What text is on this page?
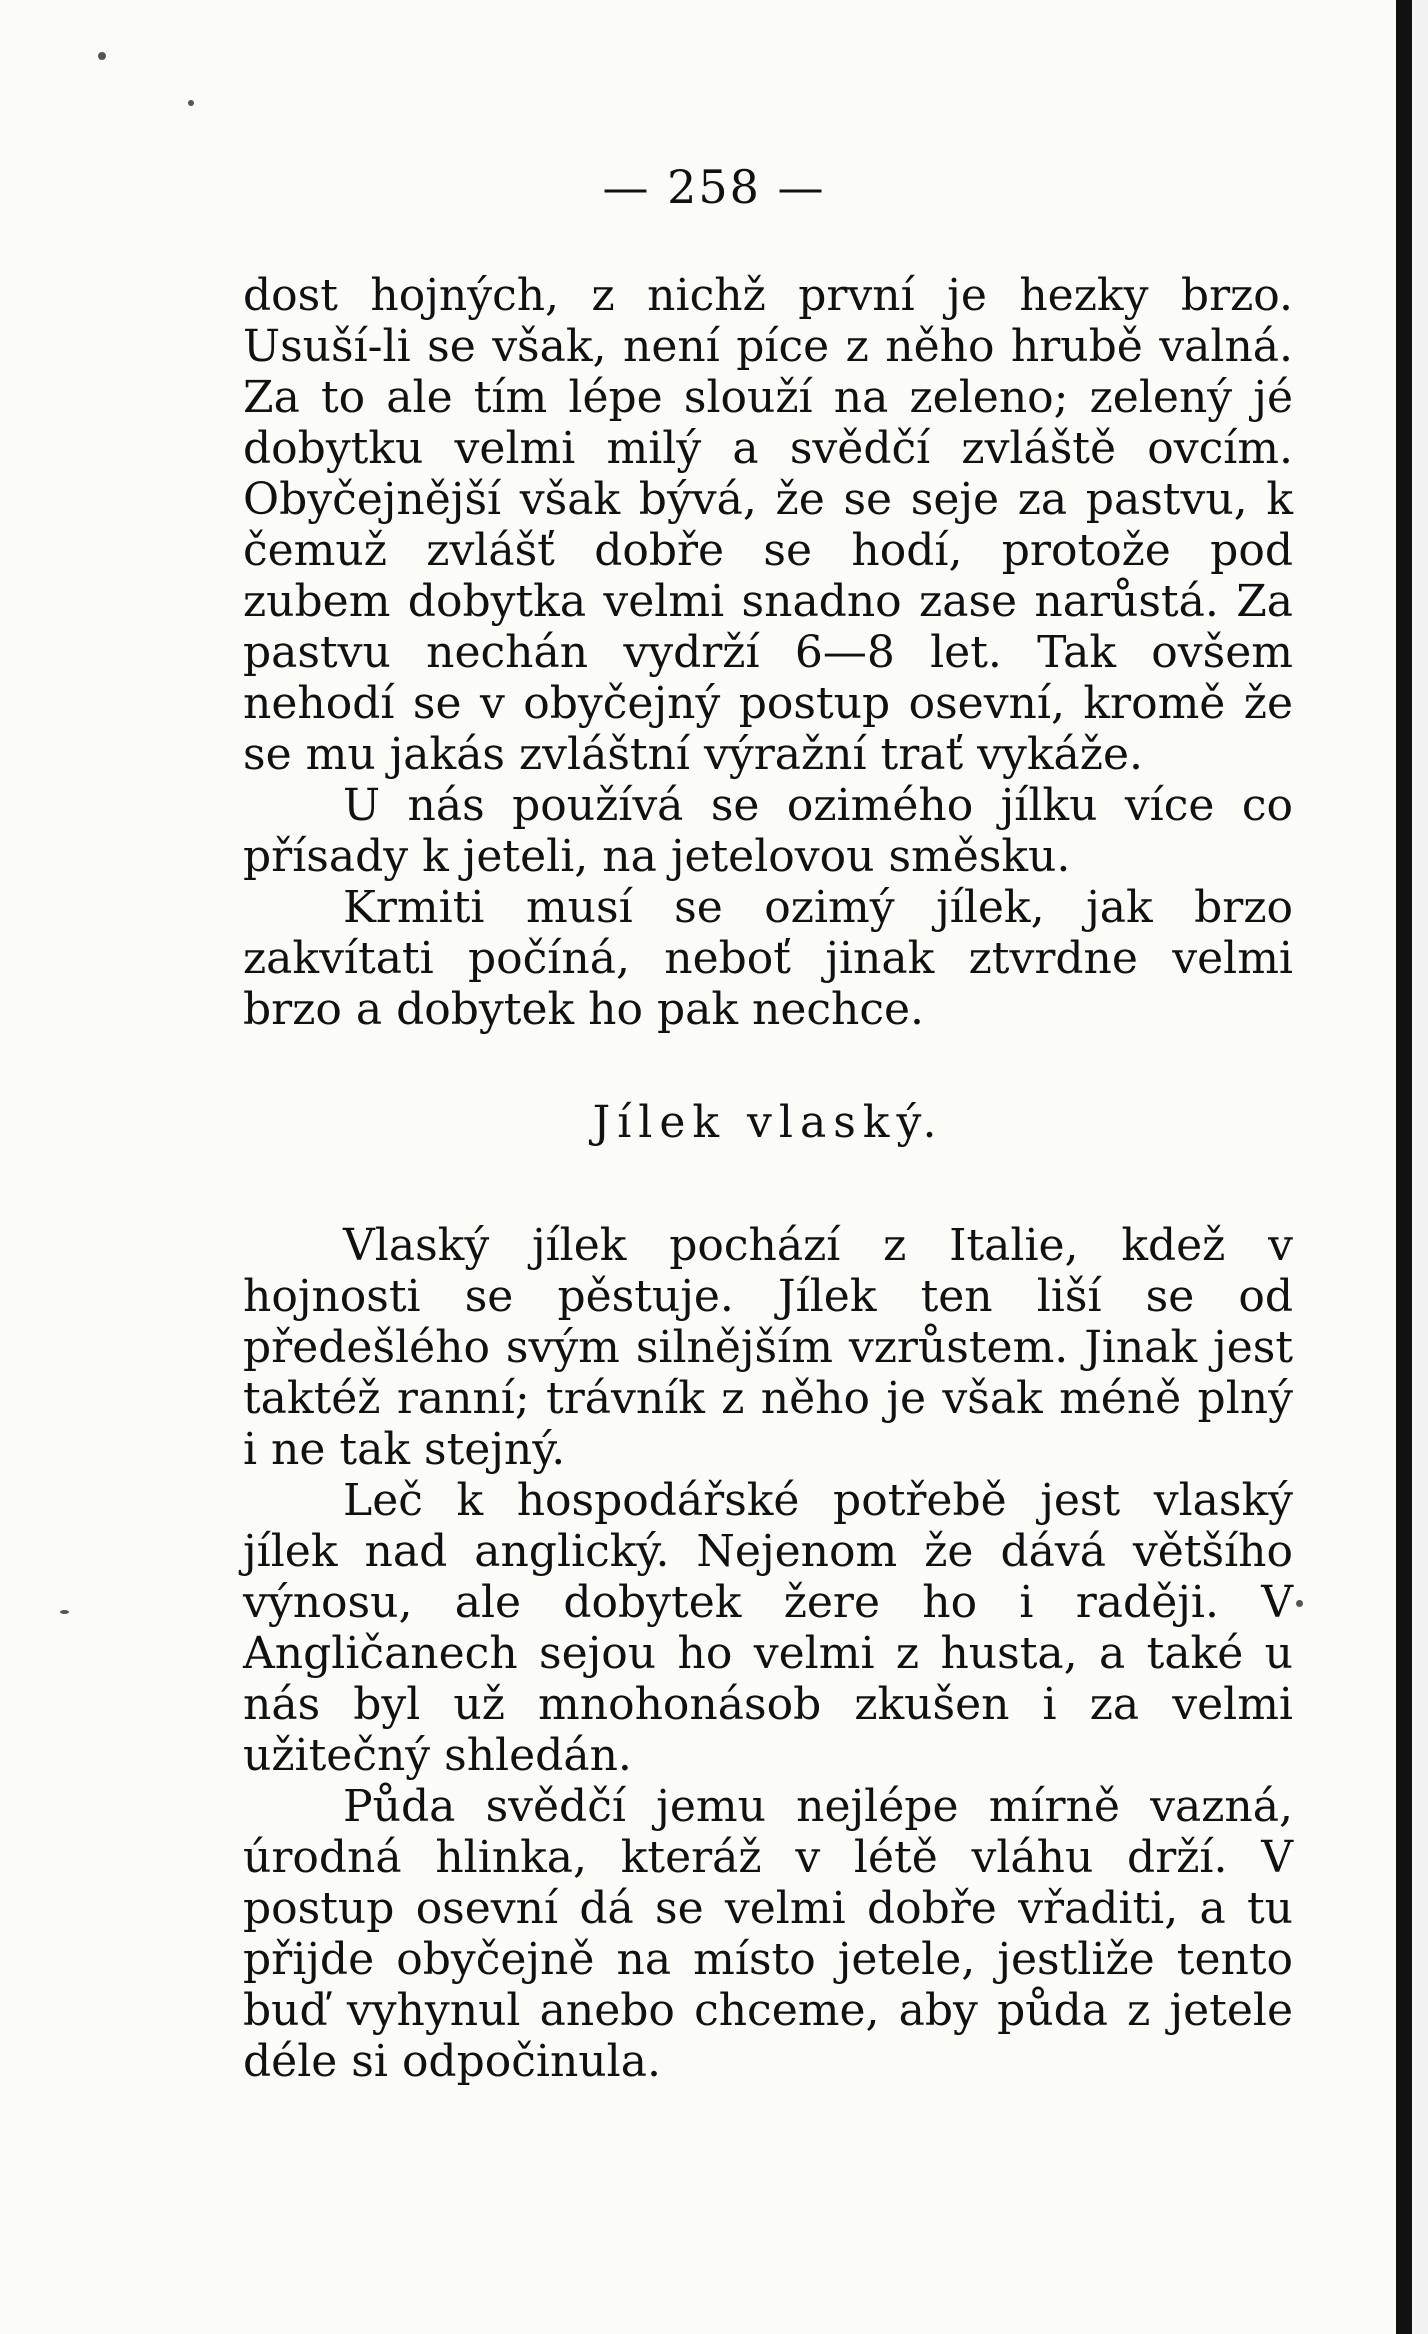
— 258 —

dost hojných, z nichž první je hezky brzo. Usuší-li se však, není píce z něho hrubě valná. Za to ale tím lépe slouží na zeleno; zelený jé dobytku velmi milý a svědčí zvláště ovcím. Obyčejnější však bývá, že se seje za pastvu, k čemuž zvlášť dobře se hodí, protože pod zubem dobytka velmi snadno zase narůstá. Za pastvu nechán vydrží 6—8 let. Tak ovšem nehodí se v obyčejný postup osevní, kromě že se mu jakás zvláštní výražní trať vykáže.

U nás používá se ozimého jílku více co přísady k jeteli, na jetelovou směsku.

Krmiti musí se ozimý jílek, jak brzo zakvítati počíná, neboť jinak ztvrdne velmi brzo a dobytek ho pak nechce.

Jílek vlaský.

Vlaský jílek pochází z Italie, kdež v hojnosti se pěstuje. Jílek ten liší se od předešlého svým silnějším vzrůstem. Jinak jest taktéž ranní; trávník z něho je však méně plný i ne tak stejný.

Leč k hospodářské potřebě jest vlaský jílek nad anglický. Nejenom že dává většího výnosu, ale dobytek žere ho i raději. V Angličanech sejou ho velmi z husta, a také u nás byl už mnohonásob zkušen i za velmi užitečný shledán.

Půda svědčí jemu nejlépe mírně vazná, úrodná hlinka, kteráž v létě vláhu drží. V postup osevní dá se velmi dobře vřaditi, a tu přijde obyčejně na místo jetele, jestliže tento buď vyhynul anebo chceme, aby půda z jetele déle si odpočinula.
